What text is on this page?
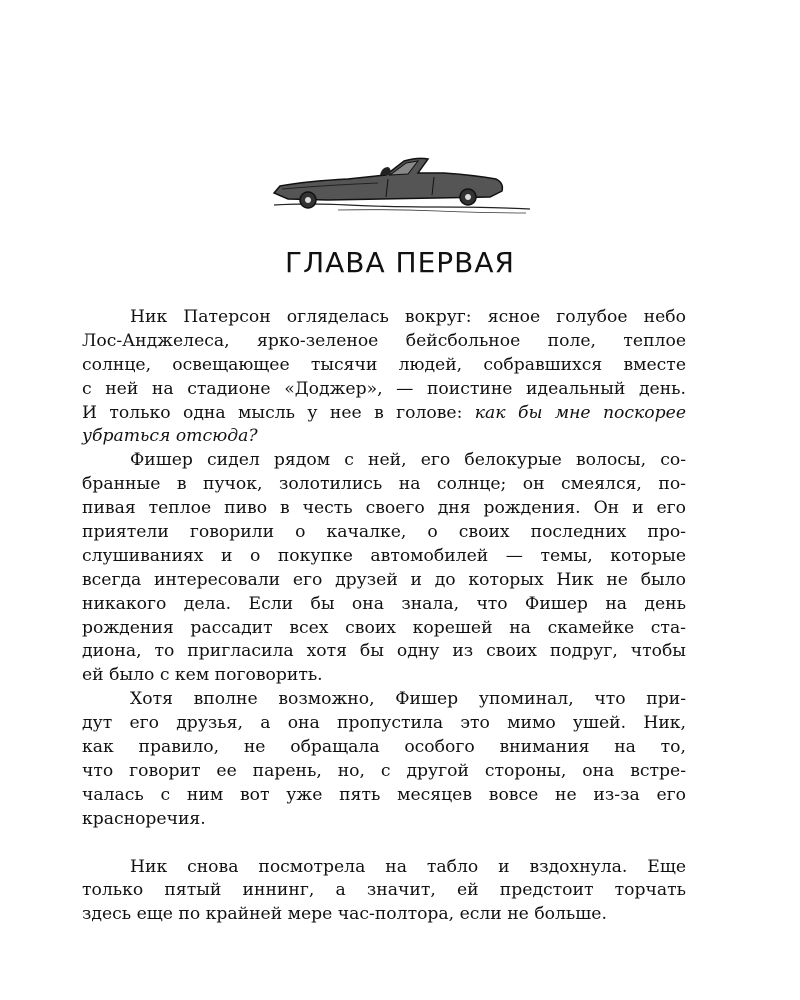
ГЛАВА ПЕРВАЯ
Ник Патерсон огляделась вокруг: ясное голубое небо
Лос-Анджелеса, ярко-зеленое бейсбольное поле, теплое
солнце, освещающее тысячи людей, собравшихся вместе
с ней на стадионе «Доджер», — поистине идеальный день.
И только одна мысль у нее в голове: как бы мне поскорее
убраться отсюда?
Фишер сидел рядом с ней, его белокурые волосы, со-
бранные в пучок, золотились на солнце; он смеялся, по-
пивая теплое пиво в честь своего дня рождения. Он и его
приятели говорили о качалке, о своих последних про-
слушиваниях и о покупке автомобилей — темы, которые
всегда интересовали его друзей и до которых Ник не было
никакого дела. Если бы она знала, что Фишер на день
рождения рассадит всех своих корешей на скамейке ста-
диона, то пригласила хотя бы одну из своих подруг, чтобы
ей было с кем поговорить.
Хотя вполне возможно, Фишер упоминал, что при-
дут его друзья, а она пропустила это мимо ушей. Ник,
как правило, не обращала особого внимания на то,
что говорит ее парень, но, с другой стороны, она встре-
чалась с ним вот уже пять месяцев вовсе не из-за его
красноречия.
Ник снова посмотрела на табло и вздохнула. Еще
только пятый иннинг, а значит, ей предстоит торчать
здесь еще по крайней мере час-полтора, если не больше.
